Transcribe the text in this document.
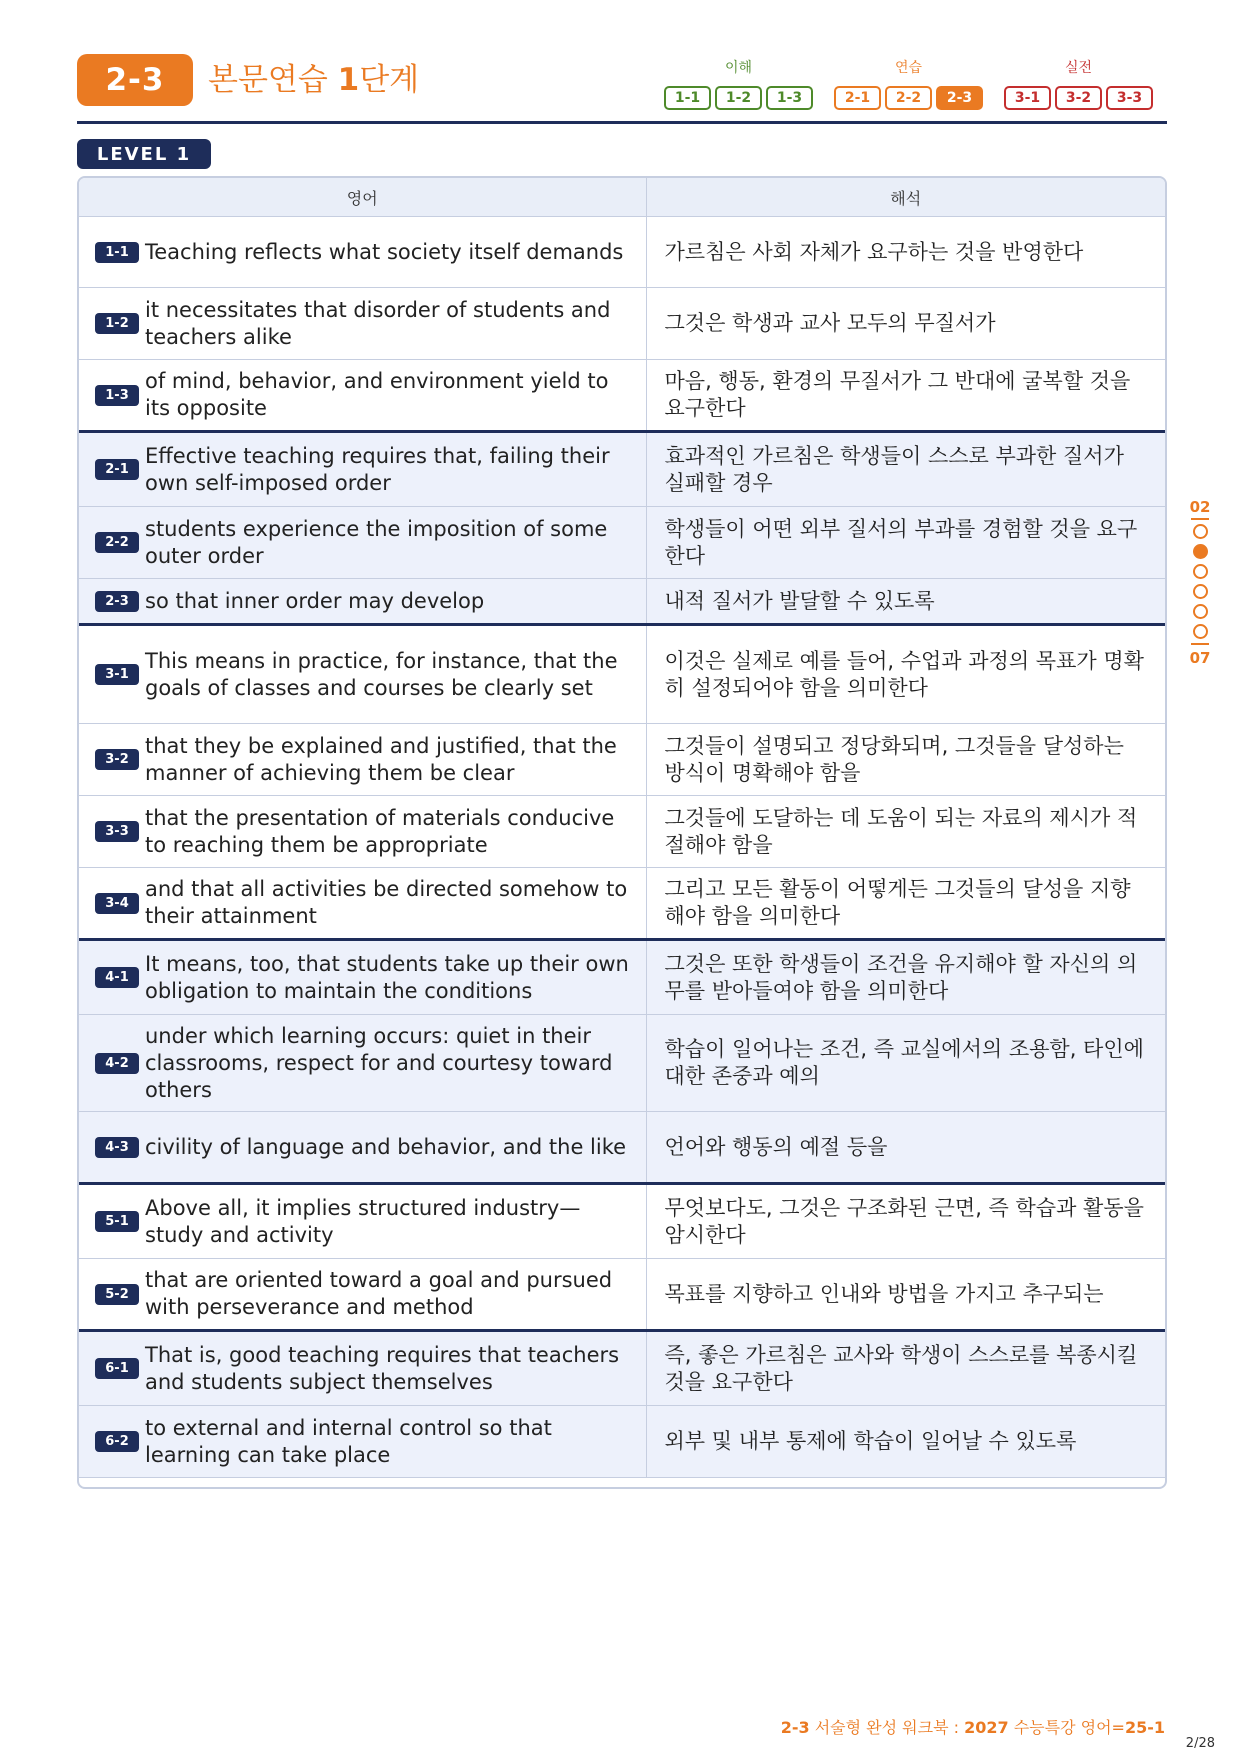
2-3	본문연습 1단계	이해
1-1	1-2	1-3
연습
2-1	2-2	2-3
실전
3-1	3-2	3-3
LEVEL 1
영어	해석

1-1 Teaching reflects what society itself demands	가르침은 사회 자체가 요구하는 것을 반영한다

1-2
it necessitates that disorder of students and teachers alike	그것은 학생과 교사 모두의 무질서가

1-3
of mind, behavior, and environment yield to its opposite	마음, 행동, 환경의 무질서가 그 반대에 굴복할 것을 요구한다

2-1
Effective teaching requires that, failing their own self-imposed order	효과적인 가르침은 학생들이 스스로 부과한 질서가 실패할 경우

2-2
students experience the imposition of some outer order	학생들이 어떤 외부 질서의 부과를 경험할 것을 요구한다

2-3 so that inner order may develop	내적 질서가 발달할 수 있도록

3-1
This means in practice, for instance, that the goals of classes and courses be clearly set	이것은 실제로 예를 들어, 수업과 과정의 목표가 명확히 설정되어야 함을 의미한다

3-2
that they be explained and justified, that the manner of achieving them be clear	그것들이 설명되고 정당화되며, 그것들을 달성하는 방식이 명확해야 함을

3-3
that the presentation of materials conducive to reaching them be appropriate	그것들에 도달하는 데 도움이 되는 자료의 제시가 적절해야 함을

3-4
and that all activities be directed somehow to their attainment	그리고 모든 활동이 어떻게든 그것들의 달성을 지향해야 함을 의미한다

4-1
It means, too, that students take up their own obligation to maintain the conditions	그것은 또한 학생들이 조건을 유지해야 할 자신의 의무를 받아들여야 함을 의미한다

4-2
under which learning occurs: quiet in their classrooms, respect for and courtesy toward others	학습이 일어나는 조건, 즉 교실에서의 조용함, 타인에 대한 존중과 예의

4-3 civility of language and behavior, and the like	언어와 행동의 예절 등을

5-1
Above all, it implies structured industry—study and activity	무엇보다도, 그것은 구조화된 근면, 즉 학습과 활동을 암시한다

5-2
that are oriented toward a goal and pursued with perseverance and method	목표를 지향하고 인내와 방법을 가지고 추구되는

6-1
That is, good teaching requires that teachers and students subject themselves	즉, 좋은 가르침은 교사와 학생이 스스로를 복종시킬 것을 요구한다

6-2
to external and internal control so that learning can take place	외부 및 내부 통제에 학습이 일어날 수 있도록
02
07
2-3 서술형 완성 워크북 : 2027 수능특강 영어=25-1
2/28
